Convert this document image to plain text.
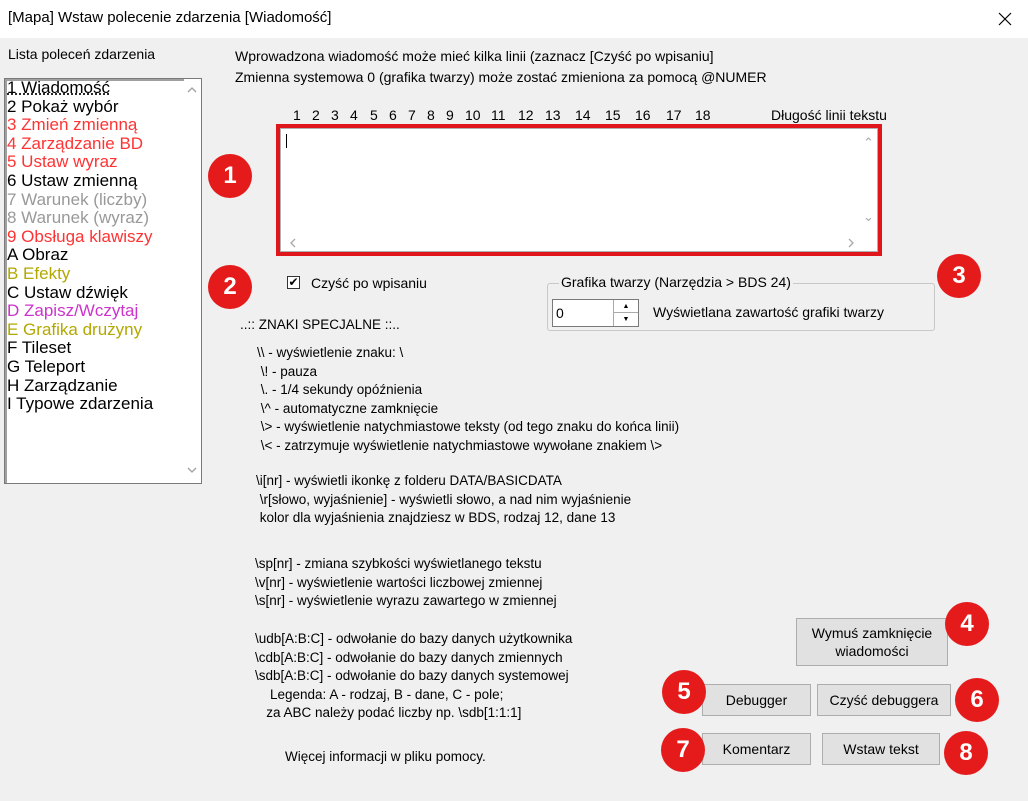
[Mapa] Wstaw polecenie zdarzenia [Wiadomość]
Lista poleceń zdarzenia
1 Wiadomość
2 Pokaż wybór
3 Zmień zmienną
4 Zarządzanie BD
5 Ustaw wyraz
6 Ustaw zmienną
7 Warunek (liczby)
8 Warunek (wyraz)
9 Obsługa klawiszy
A Obraz
B Efekty
C Ustaw dźwięk
D Zapisz/Wczytaj
E Grafika drużyny
F Tileset
G Teleport
H Zarządzanie
I Typowe zdarzenia
Wprowadzona wiadomość może mieć kilka linii (zaznacz [Czyść po wpisaniu]
Zmienna systemowa 0 (grafika twarzy) może zostać zmieniona za pomocą @NUMER
1 2 3 4 5 6 7 8 9 10 11 12 13 14 15 16 17 18	Długość linii tekstu
⌃
⌄
✔ Czyść po wpisaniu	Grafika twarzy (Narzędzia > BDS 24)
0	▲
▼	Wyświetlana zawartość grafiki twarzy
..:: ZNAKI SPECJALNE ::..
\\ - wyświetlenie znaku: \
\! - pauza
\. - 1/4 sekundy opóźnienia
\^ - automatyczne zamknięcie
\> - wyświetlenie natychmiastowe teksty (od tego znaku do końca linii)
\< - zatrzymuje wyświetlenie natychmiastowe wywołane znakiem \>
\i[nr] - wyświetli ikonkę z folderu DATA/BASICDATA
\r[słowo, wyjaśnienie] - wyświetli słowo, a nad nim wyjaśnienie
kolor dla wyjaśnienia znajdziesz w BDS, rodzaj 12, dane 13
\sp[nr] - zmiana szybkości wyświetlanego tekstu
\v[nr] - wyświetlenie wartości liczbowej zmiennej
\s[nr] - wyświetlenie wyrazu zawartego w zmiennej
\udb[A:B:C] - odwołanie do bazy danych użytkownika
\cdb[A:B:C] - odwołanie do bazy danych zmiennych
\sdb[A:B:C] - odwołanie do bazy danych systemowej
Legenda: A - rodzaj, B - dane, C - pole;
za ABC należy podać liczby np. \sdb[1:1:1]
Więcej informacji w pliku pomocy.
Wymuś zamknięcie wiadomości
Debugger	Czyść debuggera
Komentarz	Wstaw tekst
1
2	3
4
5	6
7	8
